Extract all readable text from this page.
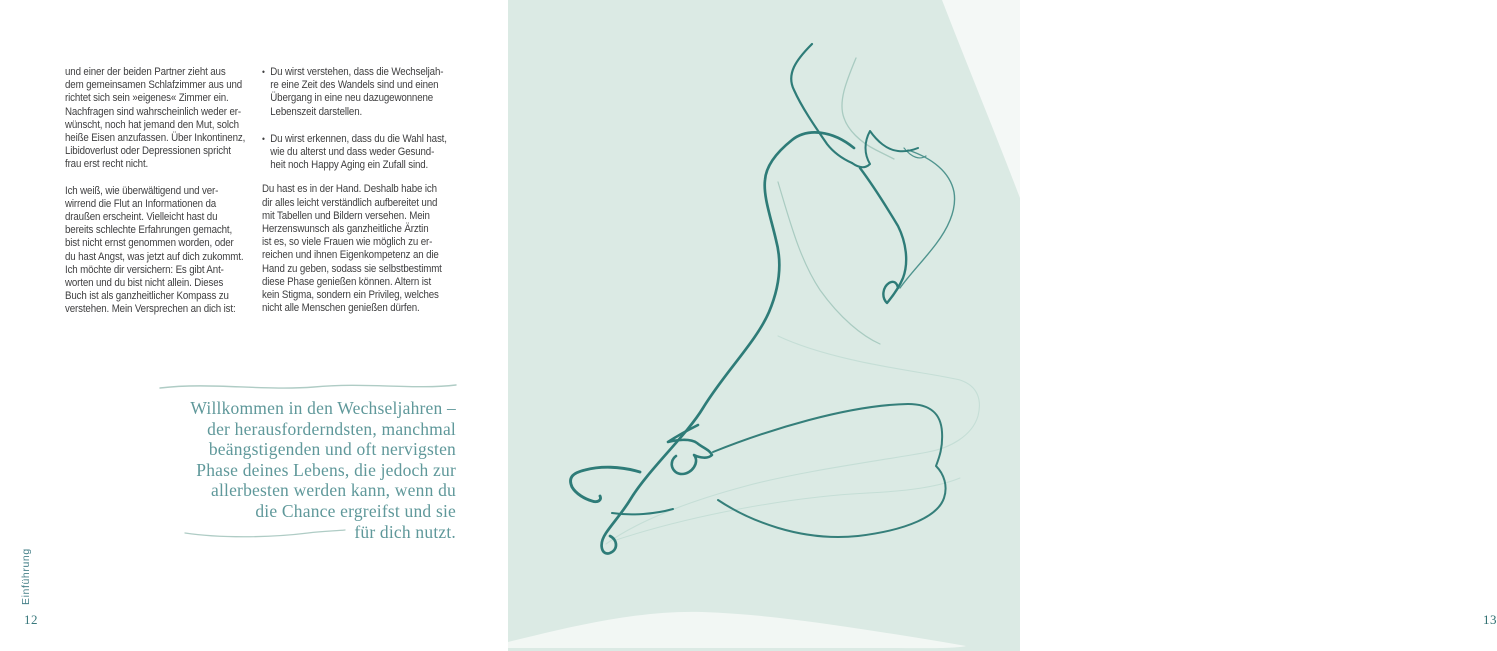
und einer der beiden Partner zieht aus
dem gemeinsamen Schlafzimmer aus und
richtet sich sein »eigenes« Zimmer ein.
Nachfragen sind wahrscheinlich weder er-
wünscht, noch hat jemand den Mut, solch
heiße Eisen anzufassen. Über Inkontinenz,
Libidoverlust oder Depressionen spricht
frau erst recht nicht.

Ich weiß, wie überwältigend und ver-
wirrend die Flut an Informationen da
draußen erscheint. Vielleicht hast du
bereits schlechte Erfahrungen gemacht,
bist nicht ernst genommen worden, oder
du hast Angst, was jetzt auf dich zukommt.
Ich möchte dir versichern: Es gibt Ant-
worten und du bist nicht allein. Dieses
Buch ist als ganzheitlicher Kompass zu
verstehen. Mein Versprechen an dich ist:

• Du wirst verstehen, dass die Wechseljah-
re eine Zeit des Wandels sind und einen
Übergang in eine neu dazugewonnene
Lebenszeit darstellen.

• Du wirst erkennen, dass du die Wahl hast,
wie du alterst und dass weder Gesund-
heit noch Happy Aging ein Zufall sind.

Du hast es in der Hand. Deshalb habe ich
dir alles leicht verständlich aufbereitet und
mit Tabellen und Bildern versehen. Mein
Herzenswunsch als ganzheitliche Ärztin
ist es, so viele Frauen wie möglich zu er-
reichen und ihnen Eigenkompetenz an die
Hand zu geben, sodass sie selbstbestimmt
diese Phase genießen können. Altern ist
kein Stigma, sondern ein Privileg, welches
nicht alle Menschen genießen dürfen.

Willkommen in den Wechseljahren –
der herausforderndsten, manchmal
beängstigenden und oft nervigsten
Phase deines Lebens, die jedoch zur
allerbesten werden kann, wenn du
die Chance ergreifst und sie
für dich nutzt.
Einführung
12	13
